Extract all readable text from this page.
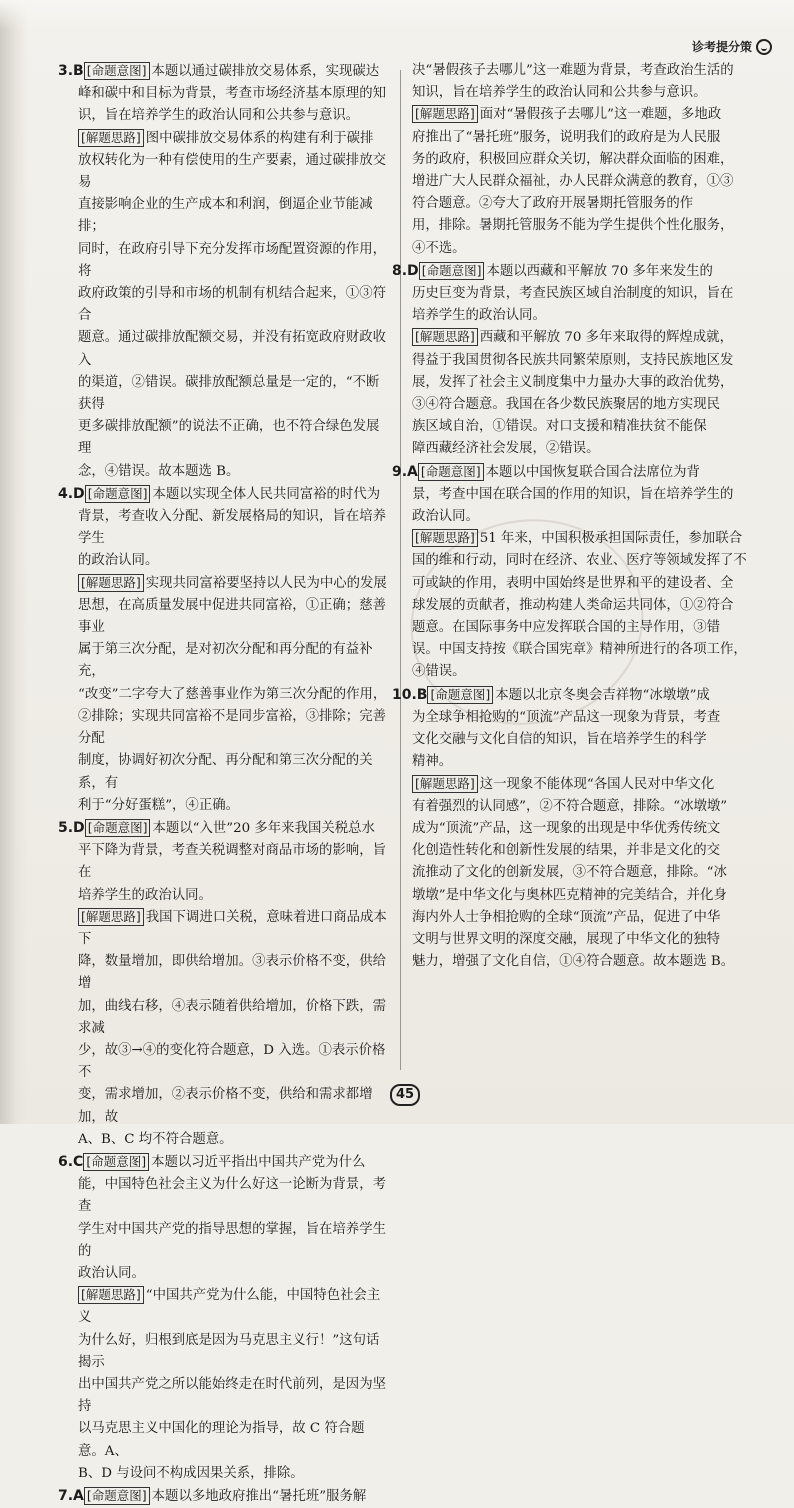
诊考提分策

3.B [命题意图] 本题以通过碳排放交易体系，实现碳达

峰和碳中和目标为背景，考查市场经济基本原理的知

识，旨在培养学生的政治认同和公共参与意识。

[解题思路] 图中碳排放交易体系的构建有利于碳排

放权转化为一种有偿使用的生产要素，通过碳排放交易

直接影响企业的生产成本和利润，倒逼企业节能减排；

同时，在政府引导下充分发挥市场配置资源的作用，将

政府政策的引导和市场的机制有机结合起来，①③符合

题意。通过碳排放配额交易，并没有拓宽政府财政收入

的渠道，②错误。碳排放配额总量是一定的，“不断获得

更多碳排放配额”的说法不正确，也不符合绿色发展理

念，④错误。故本题选 B。

4.D [命题意图] 本题以实现全体人民共同富裕的时代为

背景，考查收入分配、新发展格局的知识，旨在培养学生

的政治认同。

[解题思路] 实现共同富裕要坚持以人民为中心的发展

思想，在高质量发展中促进共同富裕，①正确；慈善事业

属于第三次分配，是对初次分配和再分配的有益补充，

“改变”二字夸大了慈善事业作为第三次分配的作用，

②排除；实现共同富裕不是同步富裕，③排除；完善分配

制度，协调好初次分配、再分配和第三次分配的关系，有

利于“分好蛋糕”，④正确。

5.D [命题意图] 本题以“入世”20 多年来我国关税总水

平下降为背景，考查关税调整对商品市场的影响，旨在

培养学生的政治认同。

[解题思路] 我国下调进口关税，意味着进口商品成本下

降，数量增加，即供给增加。③表示价格不变，供给增

加，曲线右移，④表示随着供给增加，价格下跌，需求减

少，故③→④的变化符合题意，D 入选。①表示价格不

变，需求增加，②表示价格不变，供给和需求都增加，故

A、B、C 均不符合题意。

6.C [命题意图] 本题以习近平指出中国共产党为什么

能，中国特色社会主义为什么好这一论断为背景，考查

学生对中国共产党的指导思想的掌握，旨在培养学生的

政治认同。

[解题思路] “中国共产党为什么能，中国特色社会主义

为什么好，归根到底是因为马克思主义行！”这句话揭示

出中国共产党之所以能始终走在时代前列，是因为坚持

以马克思主义中国化的理论为指导，故 C 符合题意。A、

B、D 与设问不构成因果关系，排除。

7.A [命题意图] 本题以多地政府推出“暑托班”服务解

决“暑假孩子去哪儿”这一难题为背景，考查政治生活的

知识，旨在培养学生的政治认同和公共参与意识。

[解题思路] 面对“暑假孩子去哪儿”这一难题，多地政

府推出了“暑托班”服务，说明我们的政府是为人民服

务的政府，积极回应群众关切，解决群众面临的困难，

增进广大人民群众福祉，办人民群众满意的教育，①③

符合题意。②夸大了政府开展暑期托管服务的作

用，排除。暑期托管服务不能为学生提供个性化服务，

④不选。

8.D [命题意图] 本题以西藏和平解放 70 多年来发生的

历史巨变为背景，考查民族区域自治制度的知识，旨在

培养学生的政治认同。

[解题思路] 西藏和平解放 70 多年来取得的辉煌成就，

得益于我国贯彻各民族共同繁荣原则，支持民族地区发

展，发挥了社会主义制度集中力量办大事的政治优势，

③④符合题意。我国在各少数民族聚居的地方实现民

族区域自治，①错误。对口支援和精准扶贫不能保

障西藏经济社会发展，②错误。

9.A [命题意图] 本题以中国恢复联合国合法席位为背

景，考查中国在联合国的作用的知识，旨在培养学生的

政治认同。

[解题思路] 51 年来，中国积极承担国际责任，参加联合

国的维和行动，同时在经济、农业、医疗等领域发挥了不

可或缺的作用，表明中国始终是世界和平的建设者、全

球发展的贡献者，推动构建人类命运共同体，①②符合

题意。在国际事务中应发挥联合国的主导作用，③错

误。中国支持按《联合国宪章》精神所进行的各项工作，

④错误。

10.B [命题意图] 本题以北京冬奥会吉祥物“冰墩墩”成

为全球争相抢购的“顶流”产品这一现象为背景，考查

文化交融与文化自信的知识，旨在培养学生的科学

精神。

[解题思路] 这一现象不能体现“各国人民对中华文化

有着强烈的认同感”，②不符合题意，排除。“冰墩墩”

成为“顶流”产品，这一现象的出现是中华优秀传统文

化创造性转化和创新性发展的结果，并非是文化的交

流推动了文化的创新发展，③不符合题意，排除。“冰

墩墩”是中华文化与奥林匹克精神的完美结合，并化身

海内外人士争相抢购的全球“顶流”产品，促进了中华

文明与世界文明的深度交融，展现了中华文化的独特

魅力，增强了文化自信，①④符合题意。故本题选 B。

45
